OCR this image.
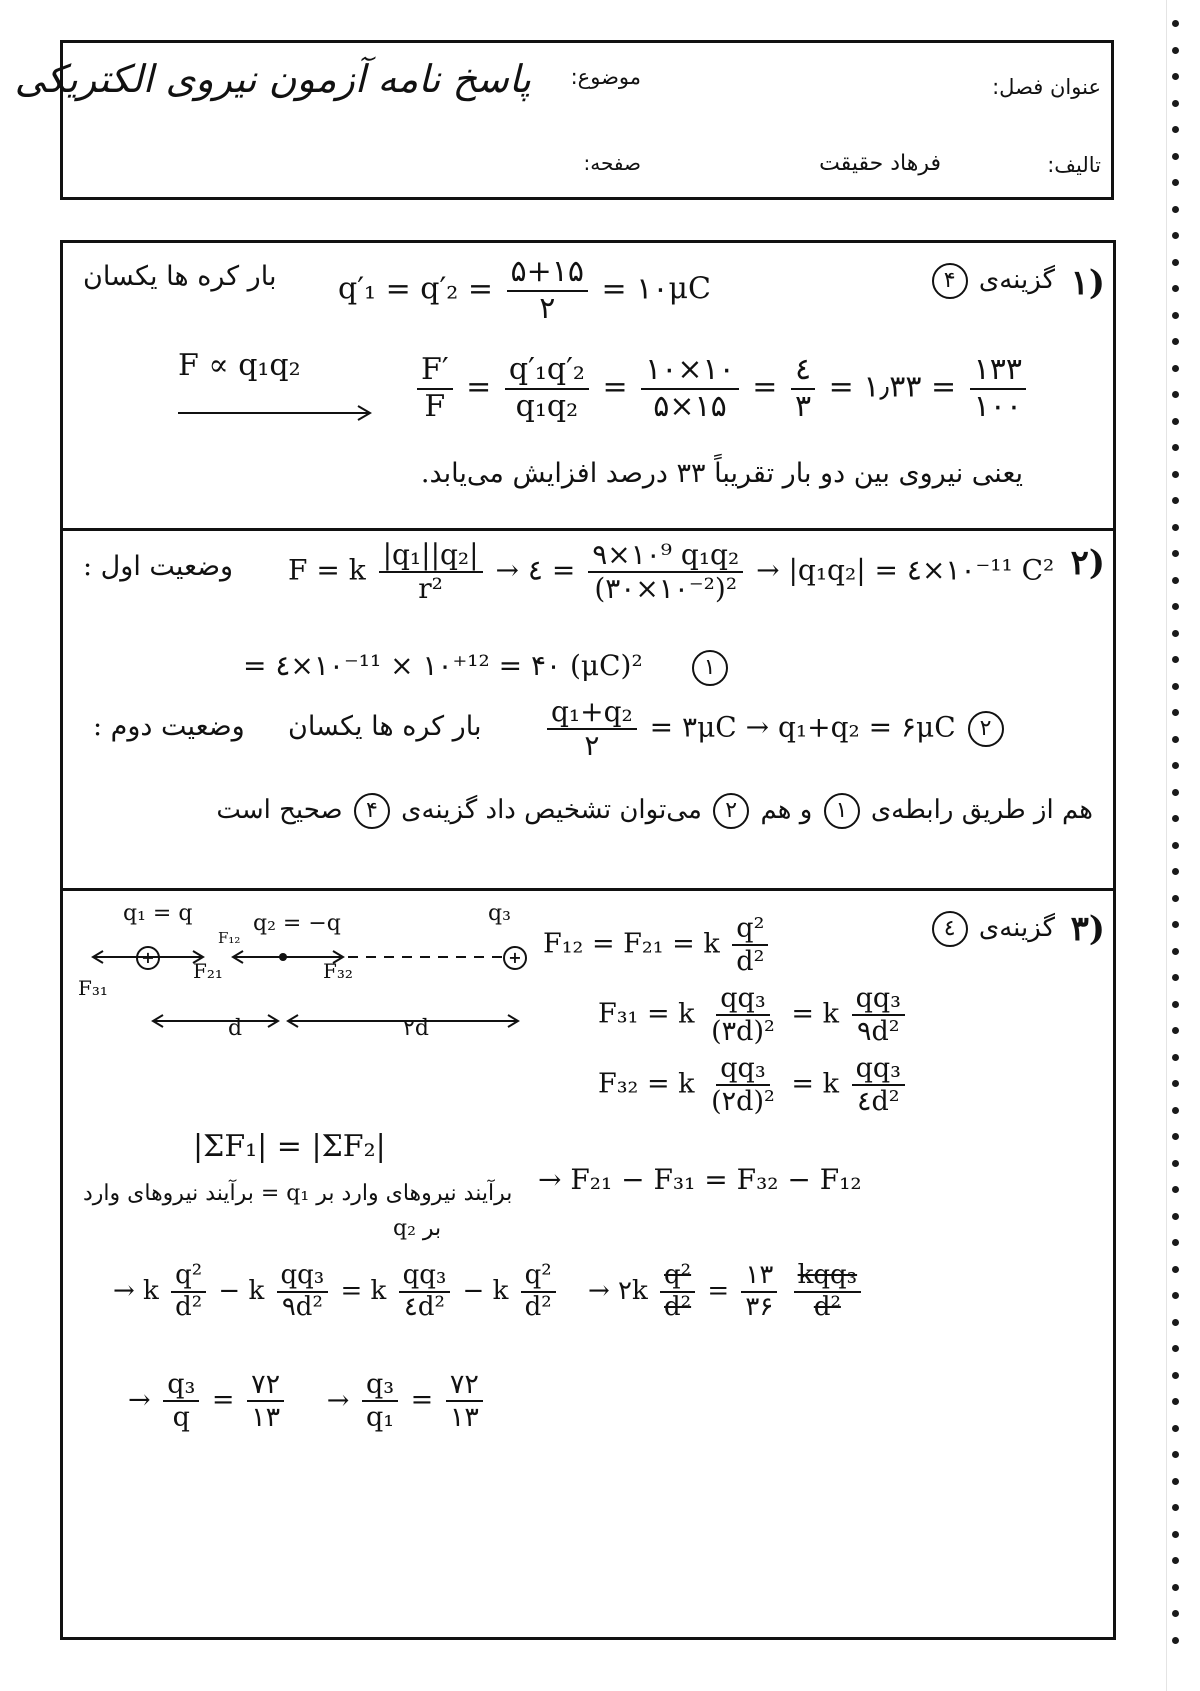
عنوان فصل:
موضوع:
پاسخ نامه آزمون نیروی الکتریکی
تالیف:
فرهاد حقیقت
صفحه:
۱)
گزینه‌ی ۴
بار کره ها یکسان $q'_1 = q'_2 = \frac{۵+۱۵}{۲}$ = ۱۰μC
F ∝ q₁q₂	$\frac{F'}{F} = \frac{\text{q′₁q′₂}}{\text{q₁q₂}} = \frac{۱۰\times ۱۰}{۵\times ۱۵} = \frac{٤}{۳}$ = ۱٫۳۳ = $\frac{۱۳۳}{۱۰۰}$
یعنی نیروی بین دو بار تقریباً ۳۳ درصد افزایش می‌یابد.
۲)
وضعیت اول : F = k $\frac{\text{|q₁||q₂|}}{\text{r²}}$ → ٤ = $\frac{\text{۹×۱۰⁹ q₁q₂}}{\text{(۳۰×۱۰⁻²)²}} \to |q_1q_2|$ = ٤×۱۰⁻¹¹ C²
= ٤×۱۰⁻¹¹ × ۱۰⁺¹² = ۴۰ (μC)²	۱
وضعیت دوم : بار کره ها یکسان $\frac{\text{q₁+q₂}}{۲}$ = ۳μC → q₁+q₂ = ۶μC ۲
هم از طریق رابطه‌ی ۱ و هم ۲ می‌توان تشخیص داد گزینه‌ی ۴ صحیح است
۳)
گزینه‌ی ٤
q₁ = q	q₂ = −q	q₃
F₁₂
F₂₁	F₃₂
F₃₁
d	۲d
+	+ F₁₂ = F₂₁ = k $\frac{\text{q²}}{\text{d²}}$
F₃₁ = k $\frac{\text{qq₃}}{\text{(۳d)²}} = k \frac{\text{qq₃}}{\text{۹d²}}$
F₃₂ = k $\frac{\text{qq₃}}{\text{(۲d)²}} = k \frac{\text{qq₃}}{\text{٤d²}}$
|ΣF₁| = |ΣF₂|
برآیند نیروهای وارد بر q₁ = برآیند نیروهای وارد
بر q₂
→ F₂₁ − F₃₁ = F₃₂ − F₁₂
→ k $\frac{\text{q²}}{\text{d²}} - k \frac{\text{qq₃}}{\text{۹d²}} = k \frac{\text{qq₃}}{\text{٤d²}} - k \frac{\text{q²}}{\text{d²}}$ → ۲k $\frac{\text{q²}}{\text{d²}} = \frac{۱۳}{۳۶}$
$\frac{\text{kqq₃}}{\text{d²}}$
→ $\frac{\text{q₃}}{q} = \frac{۷۲}{۱۳} \to \frac{\text{q₃}}{\text{q₁}} = \frac{۷۲}{۱۳}$
